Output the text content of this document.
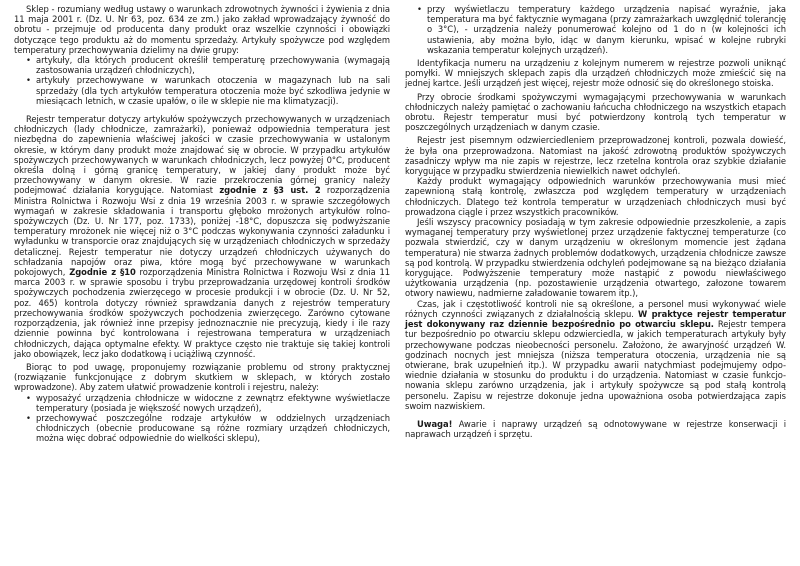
Sklep - rozumiany według ustawy o warunkach zdrowotnych żywności i żywienia z dnia 11 maja 2001 r. (Dz. U. Nr 63, poz. 634 ze zm.) jako zakład wprowadzający żywność do obrotu - przejmuje od producenta dany produkt oraz wszelkie czynności i obowiązki dotyczące tego produktu aż do momentu sprzedaży. Artykuły spożywcze pod względem temperatury przechowywania dzielimy na dwie grupy:

• artykuły, dla których producent określił temperaturę przechowywania (wymagają zastosowania urządzeń chłodniczych),
• artykuły przechowywane w warunkach otoczenia w magazynach lub na sali sprzedaży (dla tych artykułów temperatura otoczenia może być szkodliwa jedynie w miesiącach letnich, w czasie upałów, o ile w sklepie nie ma klimatyzacji).

Rejestr temperatur dotyczy artykułów spożywczych przechowywanych w urządzeniach chłodniczych (lady chłodnicze, zamrażarki), ponieważ odpowiednia temperatura jest niezbędna do zapewnienia właściwej jakości w czasie przechowywania w ustalonym okresie, w którym dany produkt może znajdować się w obrocie. W przypadku artykułów spożywczych przechowywanych w warunkach chłodniczych, lecz powyżej 0°C, producent określa dolną i górną granicę temperatury, w jakiej dany produkt może być przechowywany w danym okresie. W razie przekroczenia górnej granicy należy podejmować działania korygujące. Natomiast zgodnie z §3 ust. 2 rozporządzenia Ministra Rolnictwa i Rozwoju Wsi z dnia 19 września 2003 r. w sprawie szczegółowych wymagań w zakresie składowania i transportu głęboko mrożonych artykułów rolno-spożywczych (Dz. U. Nr 177, poz. 1733), poniżej -18°C, dopuszcza się podwyższanie temperatury mrożonek nie więcej niż o 3°C podczas wykonywania czynności załadunku i wyładunku w transporcie oraz znajdujących się w urządzeniach chłodniczych w sprzedaży detalicznej. Rejestr temperatur nie dotyczy urządzeń chłodniczych używanych do schładzania napojów oraz piwa, które mogą być przechowywane w warunkach pokojowych, Zgodnie z §10 rozporządzenia Ministra Rolnictwa i Rozwoju Wsi z dnia 11 marca 2003 r. w sprawie sposobu i trybu przeprowadzania urzędowej kontroli środków spożywczych pochodzenia zwierzęcego w procesie produkcji i w obrocie (Dz. U. Nr 52, poz. 465) kontrola dotyczy również sprawdzania danych z rejestrów temperatury przechowywania środków spożywczych pochodzenia zwierzęcego. Zarówno cytowane rozporządzenia, jak również inne przepisy jednoznacznie nie precyzują, kiedy i ile razy dziennie powinna być kontrolowana i rejestrowana temperatura w urządzeniach chłodniczych, dająca optymalne efekty. W praktyce często nie traktuje się takiej kontroli jako obowiązek, lecz jako dodatkową i uciążliwą czynność.

Biorąc to pod uwagę, proponujemy rozwiązanie problemu od strony praktycznej (rozwiązanie funkcjonujące z dobrym skutkiem w sklepach, w których zostało wprowadzone). Aby zatem ułatwić prowadzenie kontroli i rejestru, należy:

• wyposażyć urządzenia chłodnicze w widoczne z zewnątrz efektywne wyświetlacze temperatury (posiada je większość nowych urządzeń),
• przechowywać poszczególne rodzaje artykułów w oddzielnych urządzeniach chłodniczych (obecnie producowane są różne rozmiary urządzeń chłodniczych, można więc dobrać odpowiednie do wielkości sklepu),
• przy wyświetlaczu temperatury każdego urządzenia napisać wyraźnie, jaka temperatura ma być faktycznie wymagana (przy zamrażarkach uwzględnić tolerancję o 3°C), - urządzenia należy ponumerować kolejno od 1 do n (w kolejności ich ustawienia, aby można było, idąc w danym kierunku, wpisać w kolejne rubryki wskazania temperatur kolejnych urządzeń).

Identyfikacja numeru na urządzeniu z kolejnym numerem w rejestrze pozwoli uniknąć pomyłki. W mniejszych sklepach zapis dla urządzeń chłodniczych może zmieścić się na jednej kartce. Jeśli urządzeń jest więcej, rejestr może odnosić się do określonego stoiska.

Przy obrocie środkami spożywczymi wymagającymi przechowywania w warunkach chłodniczych należy pamiętać o zachowaniu łańcucha chłodniczego na wszystkich etapach obrotu. Rejestr temperatur musi być potwierdzony kontrolą tych temperatur w poszczególnych urządzeniach w danym czasie.

Rejestr jest pisemnym odzwierciedleniem przeprowadzonej kontroli, pozwala dowieść, że była ona przeprowadzona. Natomiast na jakość zdrowotną produktów spożywczych zasadniczy wpływ ma nie zapis w rejestrze, lecz rzetelna kontrola oraz szybkie działanie korygujące w przypadku stwierdzenia niewielkich nawet odchyleń.

Każdy produkt wymagający odpowiednich warunków przechowywania musi mieć zapewnioną stałą kontrolę, zwłaszcza pod względem temperatury w urządzeniach chłodniczych. Dlatego też kontrola temperatur w urządzeniach chłodniczych musi być prowadzona ciągle i przez wszystkich pracowników.

Jeśli wszyscy pracownicy posiadają w tym zakresie odpowiednie przeszkolenie, a zapis wymaganej temperatury przy wyświetlonej przez urządzenie faktycznej temperaturze (co pozwala stwierdzić, czy w danym urządzeniu w określonym momencie jest żądana temperatura) nie stwarza żadnych problemów dodatkowych, urządzenia chłodnicze zawsze są pod kontrolą. W przypadku stwierdzenia odchyleń podejmowane są na bieżąco działania korygujące. Podwyższenie temperatury może nastąpić z powodu niewłaściwego użytkowania urządzenia (np. pozostawienie urządzenia otwartego, załozone towarem otwory nawiewu, nadmierne załadowanie towarem itp.),

Czas, jak i częstotliwość kontroli nie są określone, a personel musi wykonywać wiele różnych czynności związanych z działalnością sklepu. W praktyce rejestr temperatur jest dokonywany raz dziennie bezpośrednio po otwarciu sklepu. Rejestr tempera tur bezpośrednio po otwarciu sklepu odzwierciedla, w jakich temperaturach artykuły były przechowywane podczas nieobecności personelu. Założono, że awaryjność urządzeń W. godzinach nocnych jest mniejsza (niższa temperatura otoczenia, urządzenia nie są otwierane, brak uzupełnień itp.). W przypadku awarii natychmiast podejmujemy odpo-wiednie działania w stosunku do produktu i do urządzenia. Natomiast w czasie funkcjo-nowania sklepu zarówno urządzenia, jak i artykuły spożywcze są pod stałą kontrolą personelu. Zapisu w rejestrze dokonuje jedna upoważniona osoba potwierdzająca zapis swoim nazwiskiem.

Uwaga! Awarie i naprawy urządzeń są odnotowywane w rejestrze konserwacji i naprawach urządzeń i sprzętu.
